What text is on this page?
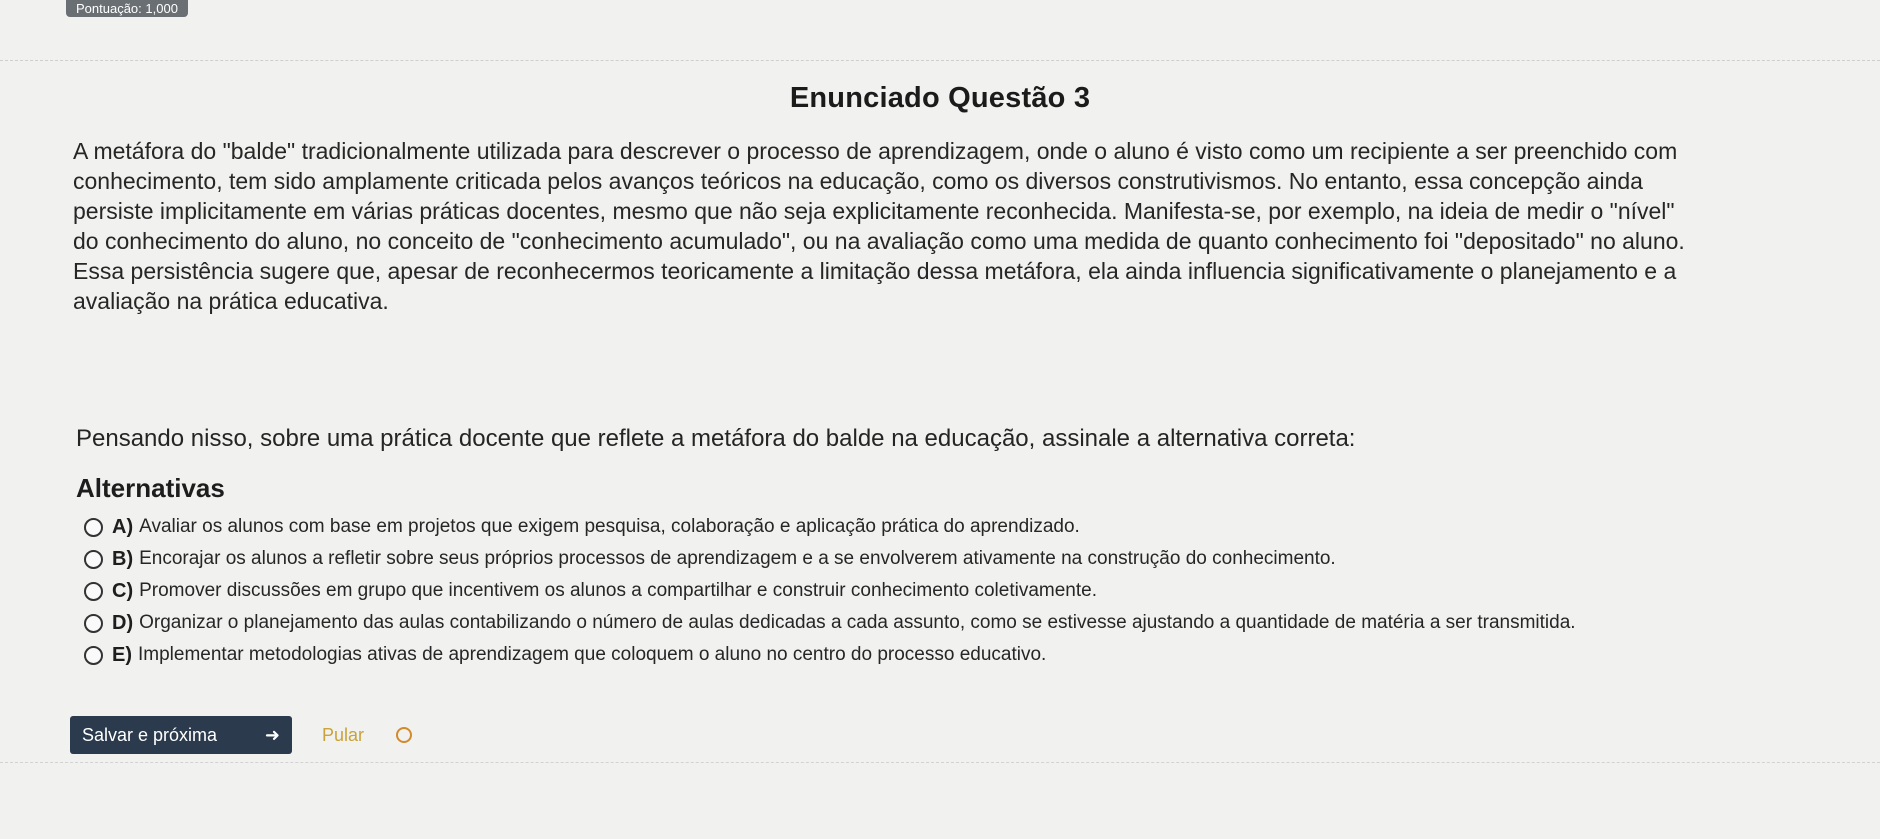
Pontuação: 1,000
Enunciado Questão 3

A metáfora do "balde" tradicionalmente utilizada para descrever o processo de aprendizagem, onde o aluno é visto como um recipiente a ser preenchido com

conhecimento, tem sido amplamente criticada pelos avanços teóricos na educação, como os diversos construtivismos. No entanto, essa concepção ainda

persiste implicitamente em várias práticas docentes, mesmo que não seja explicitamente reconhecida. Manifesta-se, por exemplo, na ideia de medir o "nível"

do conhecimento do aluno, no conceito de "conhecimento acumulado", ou na avaliação como uma medida de quanto conhecimento foi "depositado" no aluno.

Essa persistência sugere que, apesar de reconhecermos teoricamente a limitação dessa metáfora, ela ainda influencia significativamente o planejamento e a

avaliação na prática educativa.

Pensando nisso, sobre uma prática docente que reflete a metáfora do balde na educação, assinale a alternativa correta:
Alternativas
A) Avaliar os alunos com base em projetos que exigem pesquisa, colaboração e aplicação prática do aprendizado.
B) Encorajar os alunos a refletir sobre seus próprios processos de aprendizagem e a se envolverem ativamente na construção do conhecimento.
C) Promover discussões em grupo que incentivem os alunos a compartilhar e construir conhecimento coletivamente.
D) Organizar o planejamento das aulas contabilizando o número de aulas dedicadas a cada assunto, como se estivesse ajustando a quantidade de matéria a ser transmitida.
E) Implementar metodologias ativas de aprendizagem que coloquem o aluno no centro do processo educativo.
Salvar e próxima	➜ Pular
